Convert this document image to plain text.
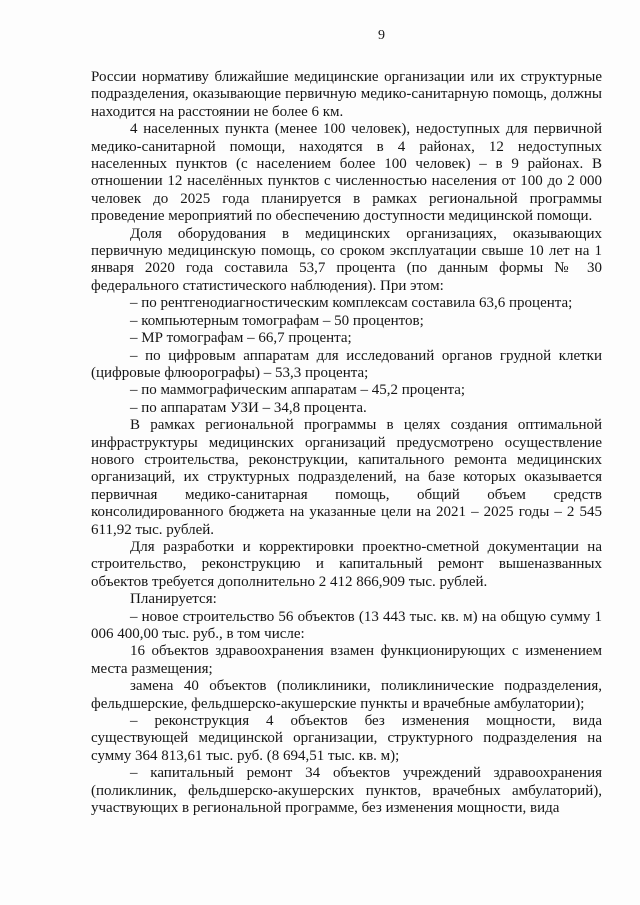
9

России нормативу ближайшие медицинские организации или их структурные подразделения, оказывающие первичную медико-санитарную помощь, должны находится на расстоянии не более 6 км.

4 населенных пункта (менее 100 человек), недоступных для первичной медико-санитарной помощи, находятся в 4 районах, 12 недоступных населенных пунктов (с населением более 100 человек) – в 9 районах. В отношении 12 населённых пунктов с численностью населения от 100 до 2 000 человек до 2025 года планируется в рамках региональной программы проведение мероприятий по обеспечению доступности медицинской помощи.

Доля оборудования в медицинских организациях, оказывающих первичную медицинскую помощь, со сроком эксплуатации свыше 10 лет на 1 января 2020 года составила 53,7 процента (по данным формы № 30 федерального статистического наблюдения). При этом:

– по рентгенодиагностическим комплексам составила 63,6 процента;

– компьютерным томографам – 50 процентов;

– МР томографам – 66,7 процента;

– по цифровым аппаратам для исследований органов грудной клетки (цифровые флюорографы) – 53,3 процента;

– по маммографическим аппаратам – 45,2 процента;

– по аппаратам УЗИ – 34,8 процента.

В рамках региональной программы в целях создания оптимальной инфраструктуры медицинских организаций предусмотрено осуществление нового строительства, реконструкции, капитального ремонта медицинских организаций, их структурных подразделений, на базе которых оказывается первичная медико-санитарная помощь, общий объем средств консолидированного бюджета на указанные цели на 2021 – 2025 годы – 2 545 611,92 тыс. рублей.

Для разработки и корректировки проектно-сметной документации на строительство, реконструкцию и капитальный ремонт вышеназванных объектов требуется дополнительно 2 412 866,909 тыс. рублей.

Планируется:

– новое строительство 56 объектов (13 443 тыс. кв. м) на общую сумму 1 006 400,00 тыс. руб., в том числе:

16 объектов здравоохранения взамен функционирующих с изменением места размещения;

замена 40 объектов (поликлиники, поликлинические подразделения, фельдшерские, фельдшерско-акушерские пункты и врачебные амбулатории);

– реконструкция 4 объектов без изменения мощности, вида существующей медицинской организации, структурного подразделения на сумму 364 813,61 тыс. руб. (8 694,51 тыс. кв. м);

– капитальный ремонт 34 объектов учреждений здравоохранения (поликлиник, фельдшерско-акушерских пунктов, врачебных амбулаторий), участвующих в региональной программе, без изменения мощности, вида
